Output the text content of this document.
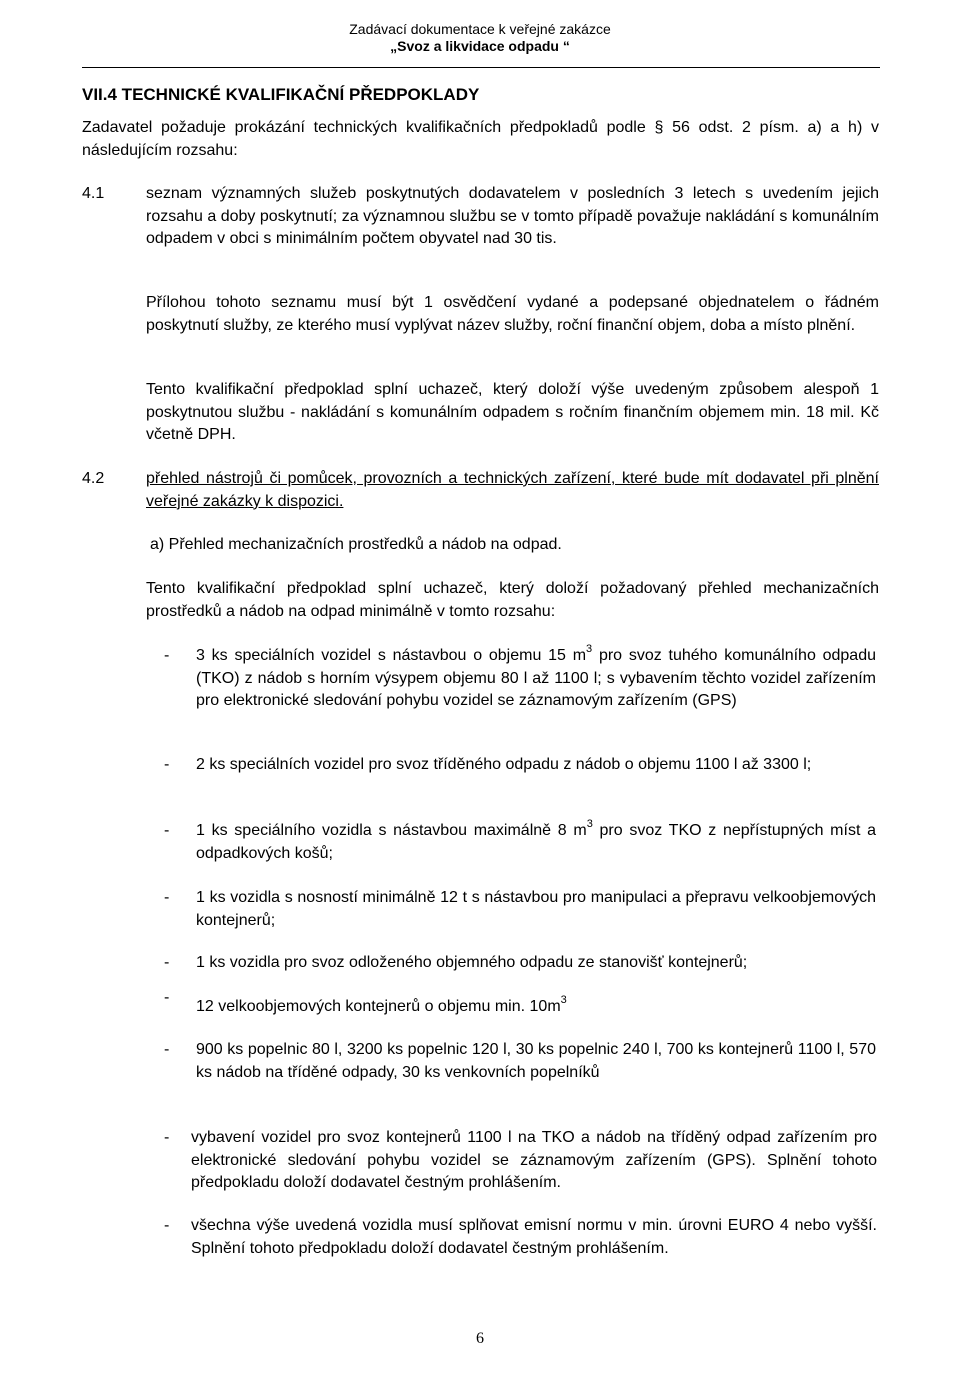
Zadávací dokumentace k veřejné zakázce
„Svoz a likvidace odpadu “
VII.4 TECHNICKÉ KVALIFIKAČNÍ PŘEDPOKLADY
Zadavatel požaduje prokázání technických kvalifikačních předpokladů podle § 56 odst. 2 písm. a) a h) v následujícím rozsahu:
4.1	seznam významných služeb poskytnutých dodavatelem v posledních 3 letech s uvedením jejich rozsahu a doby poskytnutí; za významnou službu se v tomto případě považuje nakládání s komunálním odpadem v obci s minimálním počtem obyvatel nad 30 tis.
Přílohou tohoto seznamu musí být 1 osvědčení vydané a podepsané objednatelem o řádném poskytnutí služby, ze kterého musí vyplývat název služby, roční finanční objem, doba a místo plnění.
Tento kvalifikační předpoklad splní uchazeč, který doloží výše uvedeným způsobem alespoň 1 poskytnutou službu - nakládání s komunálním odpadem s ročním finančním objemem min. 18 mil. Kč včetně DPH.
4.2	přehled nástrojů či pomůcek, provozních a technických zařízení, které bude mít dodavatel při plnění veřejné zakázky k dispozici.
a) Přehled mechanizačních prostředků a nádob na odpad.
Tento kvalifikační předpoklad splní uchazeč, který doloží požadovaný přehled mechanizačních prostředků a nádob na odpad minimálně v tomto rozsahu:
- 3 ks speciálních vozidel s nástavbou o objemu 15 $m^3$ pro svoz tuhého komunálního odpadu (TKO) z nádob s horním výsypem objemu 80 l až 1100 l; s vybavením těchto vozidel zařízením pro elektronické sledování pohybu vozidel se záznamovým zařízením (GPS)
- 2 ks speciálních vozidel pro svoz tříděného odpadu z nádob o objemu 1100 l až 3300 l;
- 1 ks speciálního vozidla s nástavbou maximálně 8 $m^3$ pro svoz TKO z nepřístupných míst a odpadkových košů;
- 1 ks vozidla s nosností minimálně 12 t s nástavbou pro manipulaci a přepravu velkoobjemových kontejnerů;
- 1 ks vozidla pro svoz odloženého objemného odpadu ze stanovišť kontejnerů;
-
12 velkoobjemových kontejnerů o objemu min. $10m^3$
- 900 ks popelnic 80 l, 3200 ks popelnic 120 l, 30 ks popelnic 240 l, 700 ks kontejnerů 1100 l, 570 ks nádob na tříděné odpady, 30 ks venkovních popelníků
- vybavení vozidel pro svoz kontejnerů 1100 l na TKO a nádob na tříděný odpad zařízením pro elektronické sledování pohybu vozidel se záznamovým zařízením (GPS). Splnění tohoto předpokladu doloží dodavatel čestným prohlášením.
- všechna výše uvedená vozidla musí splňovat emisní normu v min. úrovni EURO 4 nebo vyšší. Splnění tohoto předpokladu doloží dodavatel čestným prohlášením.
6
